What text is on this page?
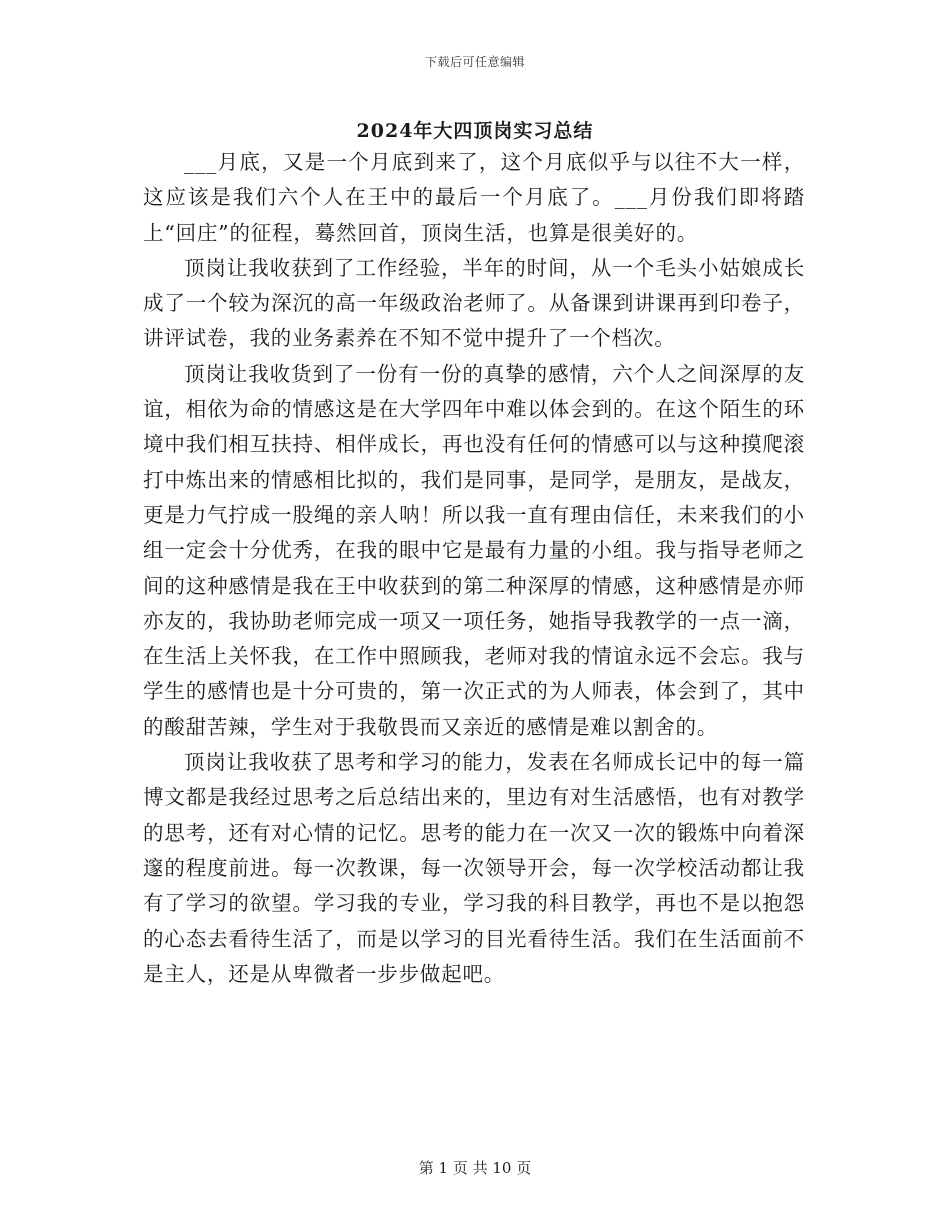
下载后可任意编辑
2024年大四顶岗实习总结

___月底，又是一个月底到来了，这个月底似乎与以往不大一样，这应该是我们六个人在王中的最后一个月底了。___月份我们即将踏上“回庄”的征程，蓦然回首，顶岗生活，也算是很美好的。

顶岗让我收获到了工作经验，半年的时间，从一个毛头小姑娘成长成了一个较为深沉的高一年级政治老师了。从备课到讲课再到印卷子，讲评试卷，我的业务素养在不知不觉中提升了一个档次。

顶岗让我收货到了一份有一份的真挚的感情，六个人之间深厚的友谊，相依为命的情感这是在大学四年中难以体会到的。在这个陌生的环境中我们相互扶持、相伴成长，再也没有任何的情感可以与这种摸爬滚打中炼出来的情感相比拟的，我们是同事，是同学，是朋友，是战友，更是力气拧成一股绳的亲人呐！所以我一直有理由信任，未来我们的小组一定会十分优秀，在我的眼中它是最有力量的小组。我与指导老师之间的这种感情是我在王中收获到的第二种深厚的情感，这种感情是亦师亦友的，我协助老师完成一项又一项任务，她指导我教学的一点一滴，在生活上关怀我，在工作中照顾我，老师对我的情谊永远不会忘。我与学生的感情也是十分可贵的，第一次正式的为人师表，体会到了，其中的酸甜苦辣，学生对于我敬畏而又亲近的感情是难以割舍的。

顶岗让我收获了思考和学习的能力，发表在名师成长记中的每一篇博文都是我经过思考之后总结出来的，里边有对生活感悟，也有对教学的思考，还有对心情的记忆。思考的能力在一次又一次的锻炼中向着深邃的程度前进。每一次教课，每一次领导开会，每一次学校活动都让我有了学习的欲望。学习我的专业，学习我的科目教学，再也不是以抱怨的心态去看待生活了，而是以学习的目光看待生活。我们在生活面前不是主人，还是从卑微者一步步做起吧。

第 1 页 共 10 页
